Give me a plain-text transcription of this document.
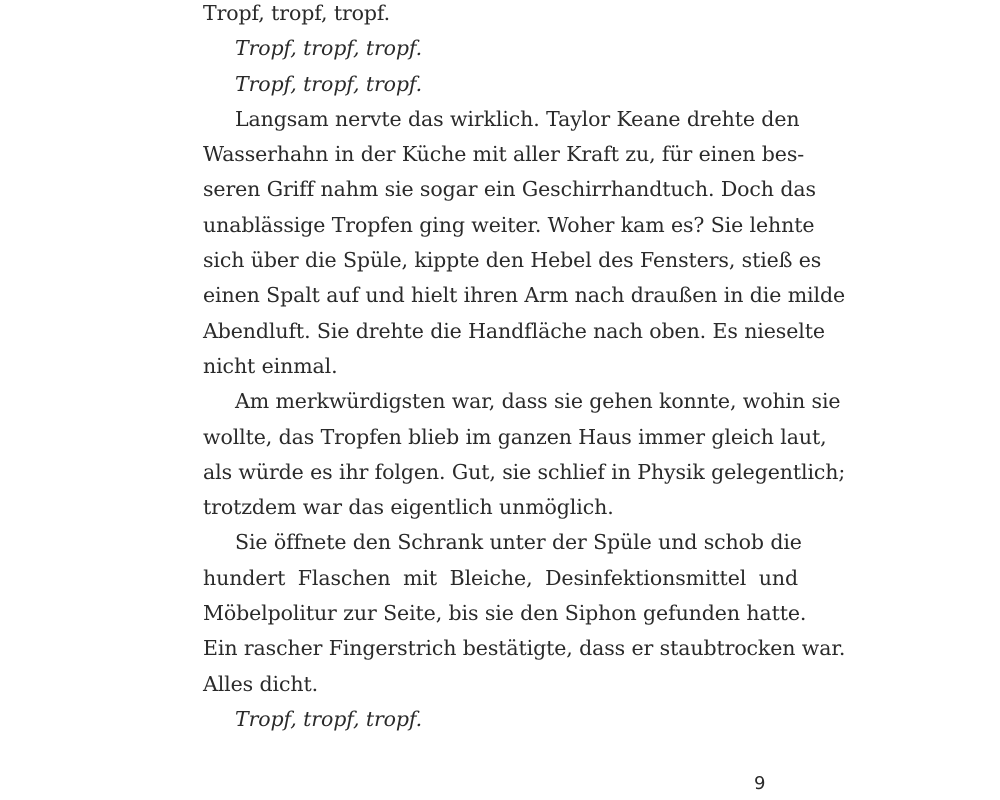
Tropf, tropf, tropf.
Tropf, tropf, tropf.
Tropf, tropf, tropf.
Langsam nervte das wirklich. Taylor Keane drehte den
Wasserhahn in der Küche mit aller Kraft zu, für einen bes-
seren Griff nahm sie sogar ein Geschirrhandtuch. Doch das
unablässige Tropfen ging weiter. Woher kam es? Sie lehnte
sich über die Spüle, kippte den Hebel des Fensters, stieß es
einen Spalt auf und hielt ihren Arm nach draußen in die milde
Abendluft. Sie drehte die Handfläche nach oben. Es nieselte
nicht einmal.
Am merkwürdigsten war, dass sie gehen konnte, wohin sie
wollte, das Tropfen blieb im ganzen Haus immer gleich laut,
als würde es ihr folgen. Gut, sie schlief in Physik gelegentlich;
trotzdem war das eigentlich unmöglich.
Sie öffnete den Schrank unter der Spüle und schob die
hundert Flaschen mit Bleiche, Desinfektionsmittel und
Möbelpolitur zur Seite, bis sie den Siphon gefunden hatte.
Ein rascher Fingerstrich bestätigte, dass er staubtrocken war.
Alles dicht.
Tropf, tropf, tropf.
9
